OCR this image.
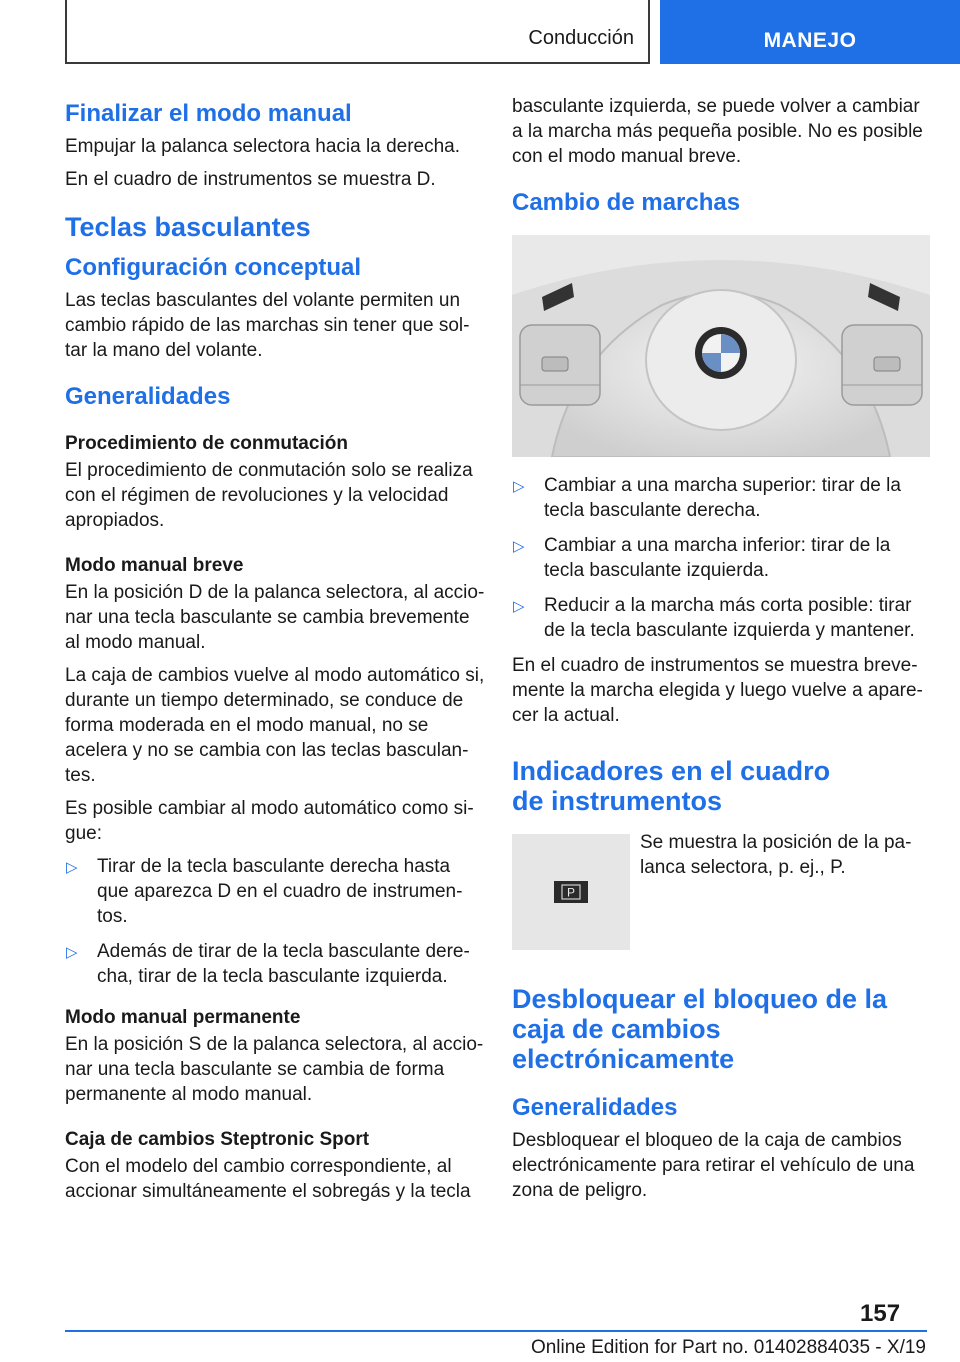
Conducción	MANEJO
Finalizar el modo manual

Empujar la palanca selectora hacia la derecha.

En el cuadro de instrumentos se muestra D.

Teclas basculantes
Configuración conceptual

Las teclas basculantes del volante permiten un cambio rápido de las marchas sin tener que sol‐tar la mano del volante.

Generalidades
Procedimiento de conmutación

El procedimiento de conmutación solo se realiza con el régimen de revoluciones y la velocidad apropiados.

Modo manual breve

En la posición D de la palanca selectora, al accio‐nar una tecla basculante se cambia brevemente al modo manual.

La caja de cambios vuelve al modo automático si, durante un tiempo determinado, se conduce de forma moderada en el modo manual, no se acelera y no se cambia con las teclas basculan‐tes.

Es posible cambiar al modo automático como si‐gue:

▷ Tirar de la tecla basculante derecha hasta que aparezca D en el cuadro de instrumen‐tos.
▷ Además de tirar de la tecla basculante dere‐cha, tirar de la tecla basculante izquierda.
Modo manual permanente

En la posición S de la palanca selectora, al accio‐nar una tecla basculante se cambia de forma permanente al modo manual.

Caja de cambios Steptronic Sport

Con el modelo del cambio correspondiente, al accionar simultáneamente el sobregás y la tecla

basculante izquierda, se puede volver a cambiar a la marcha más pequeña posible. No es posible con el modo manual breve.

Cambio de marchas
▷ Cambiar a una marcha superior: tirar de la tecla basculante derecha.
▷ Cambiar a una marcha inferior: tirar de la tecla basculante izquierda.
▷ Reducir a la marcha más corta posible: tirar de la tecla basculante izquierda y mantener.

En el cuadro de instrumentos se muestra breve‐mente la marcha elegida y luego vuelve a apare‐cer la actual.

Indicadores en el cuadro
de instrumentos
P

Se muestra la posición de la pa‐lanca selectora, p. ej., P.

Desbloquear el bloqueo de la caja de cambios electrónicamente
Generalidades

Desbloquear el bloqueo de la caja de cambios electrónicamente para retirar el vehículo de una zona de peligro.

157
Online Edition for Part no. 01402884035 - X/19
